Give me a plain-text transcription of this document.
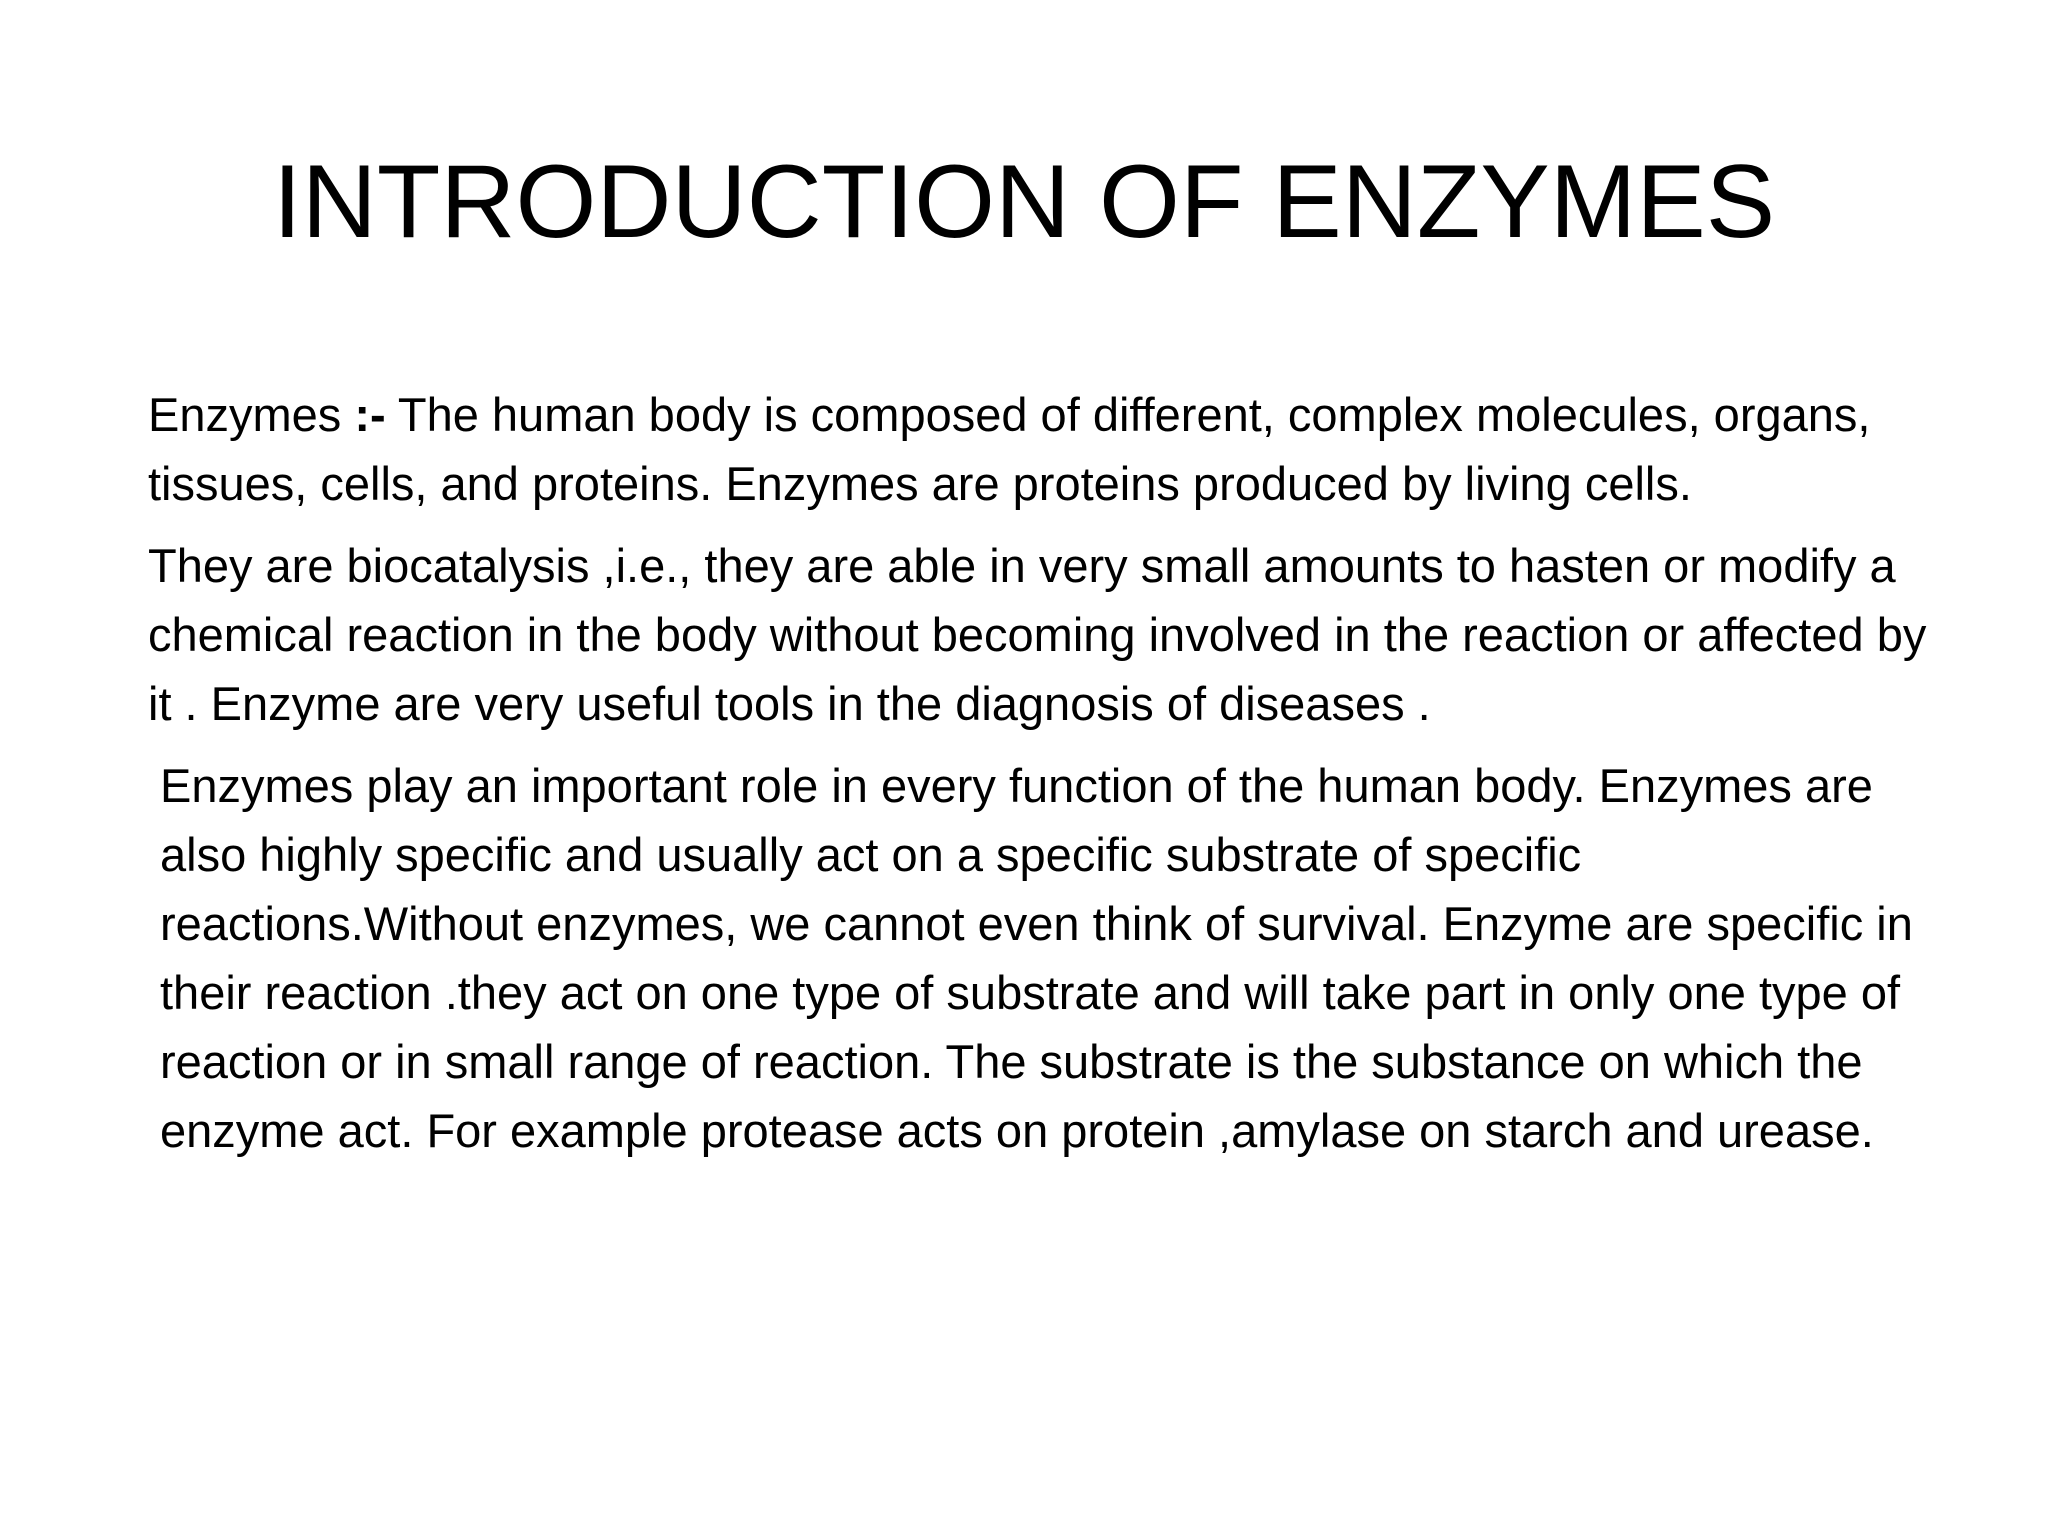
INTRODUCTION OF ENZYMES

Enzymes :- The human body is composed of different, complex molecules, organs, tissues, cells, and proteins. Enzymes are proteins produced by living cells.

They are biocatalysis ,i.e., they are able in very small amounts to hasten or modify a chemical reaction in the body without becoming involved in the reaction or affected by it . Enzyme are very useful tools in the diagnosis of diseases .

Enzymes play an important role in every function of the human body. Enzymes are also highly specific and usually act on a specific substrate of specific reactions.Without enzymes, we cannot even think of survival. Enzyme are specific in their reaction .they act on one type of substrate and will take part in only one type of reaction or in small range of reaction. The substrate is the substance on which the enzyme act. For example protease acts on protein ,amylase on starch and urease.
